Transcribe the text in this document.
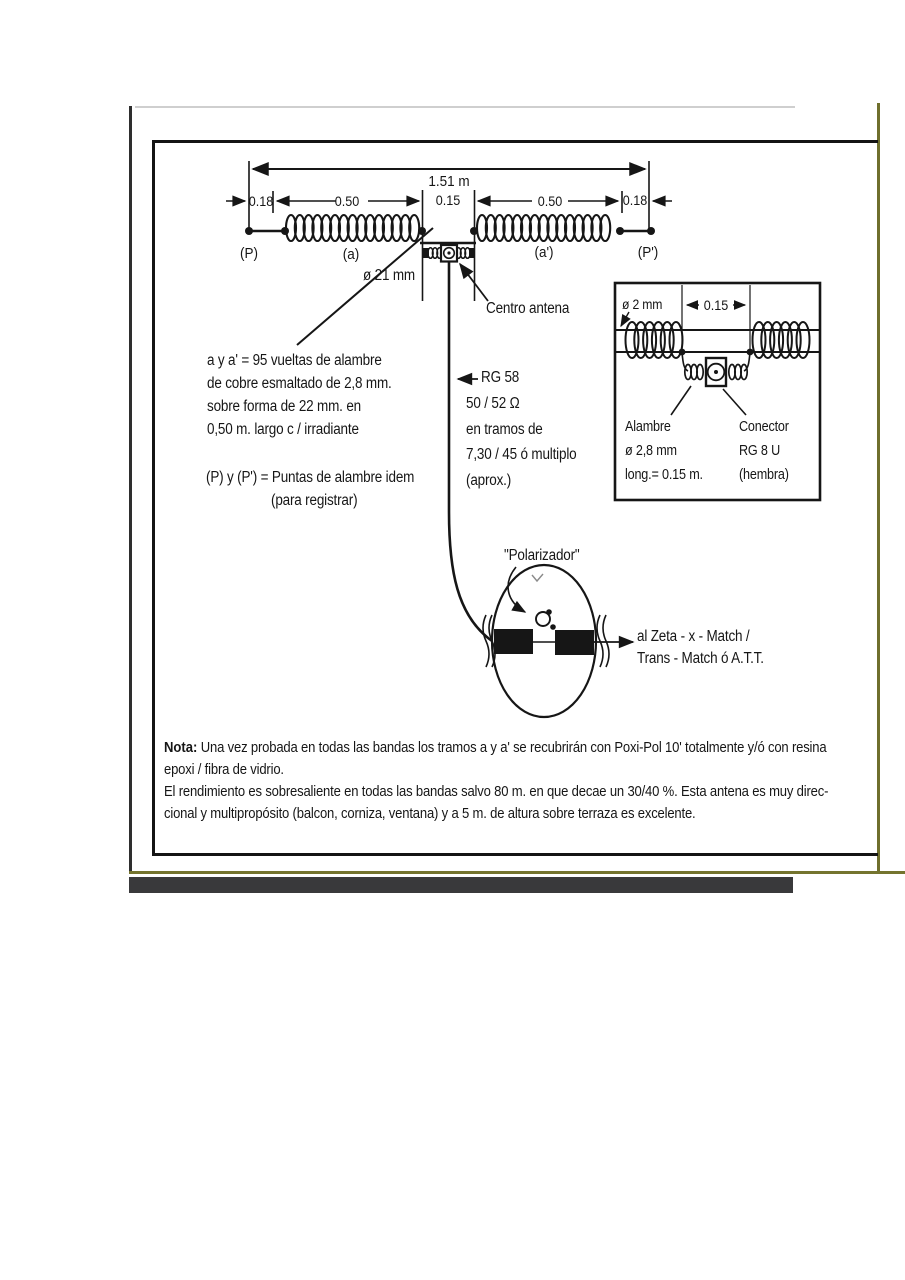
1.51 m
0.18	0.50	0.15	0.50	0.18
(P)	(a)	(a')	(P')
ø 21 mm
Centro antena
a y a' = 95 vueltas de alambre
de cobre esmaltado de 2,8 mm.
sobre forma de 22 mm. en
0,50 m. largo c / irradiante
(P) y (P') = Puntas de alambre idem
(para registrar)
RG 58
50 / 52 Ω
en tramos de
7,30 / 45 ó multiplo
(aprox.)
ø 2 mm	0.15
Alambre
ø 2,8 mm
long.= 0.15 m.
Conector
RG 8 U
(hembra)
"Polarizador"
al Zeta - x - Match /
Trans - Match ó A.T.T.
Nota: Una vez probada en todas las bandas los tramos a y a' se recubrirán con Poxi-Pol 10' totalmente y/ó con resina
epoxi / fibra de vidrio.
El rendimiento es sobresaliente en todas las bandas salvo 80 m. en que decae un 30/40 %. Esta antena es muy direc-
cional y multipropósito (balcon, corniza, ventana) y a 5 m. de altura sobre terraza es excelente.
